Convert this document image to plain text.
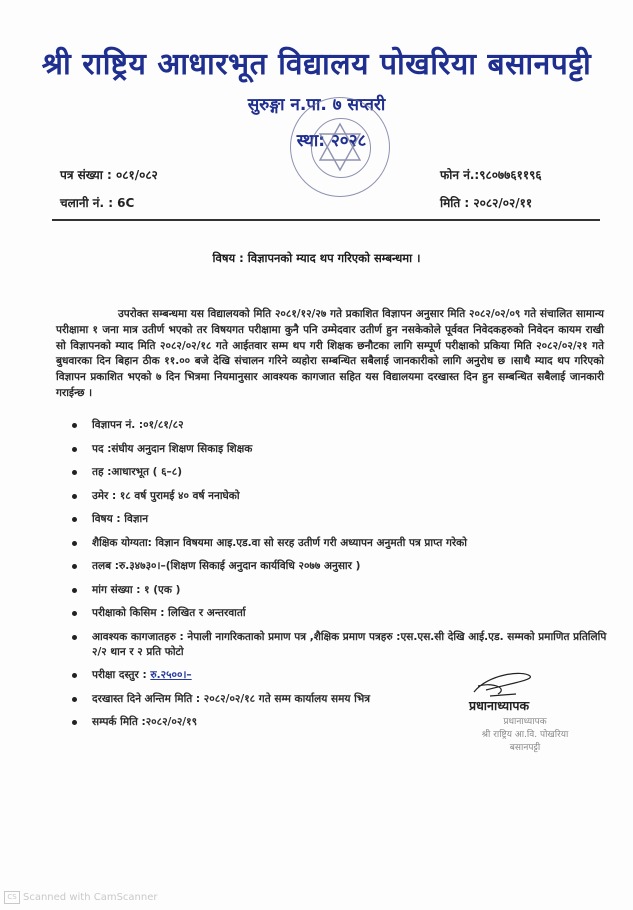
श्री राष्ट्रिय आधारभूत विद्यालय पोखरिया बसानपट्टी
सुरुङ्गा न.पा. ७ सप्तरी
स्था: २०२८
पत्र संख्या : ०८१/०८२
चलानी नं. : 6C
फोन नं.:९८०७७६११९६
मिति : २०८२/०२/११
विषय : विज्ञापनको म्याद थप गरिएको सम्बन्धमा ।
उपरोक्त सम्बन्धमा यस विद्यालयको मिति २०८१/१२/२७ गते प्रकाशित विज्ञापन अनुसार मिति २०८२/०२/०९ गते संचालित सामान्य परीक्षामा १ जना मात्र उतीर्ण भएको तर विषयगत परीक्षामा कुनै पनि उम्मेदवार उतीर्ण हुन नसकेकोले पूर्ववत निवेदकहरुको निवेदन कायम राखी सो विज्ञापनको म्याद मिति २०८२/०२/१८ गते आईतवार सम्म थप गरी शिक्षक छनौटका लागि सम्पूर्ण परीक्षाको प्रकिया मिति २०८२/०२/२१ गते बुधवारका दिन बिहान ठीक ११.०० बजे देखि संचालन गरिने व्यहोरा सम्बन्धित सबैलाई जानकारीको लागि अनुरोध छ ।साथै म्याद थप गरिएको विज्ञापन प्रकाशित भएको ७ दिन भित्रमा नियमानुसार आवश्यक कागजात सहित यस विद्यालयमा दरखास्त दिन हुन सम्बन्धित सबैलाई जानकारी गराईन्छ ।
विज्ञापन नं. :०१/८१/८२
पद :संघीय अनुदान शिक्षण सिकाइ शिक्षक
तह :आधारभूत ( ६–८)
उमेर : १८ वर्ष पुरामई ४० वर्ष ननाघेको
विषय : विज्ञान
शैक्षिक योग्यता: विज्ञान विषयमा आइ.एड.वा सो सरह उतीर्ण गरी अध्यापन अनुमती पत्र प्राप्त गरेको
तलब :रु.३४७३०।–(शिक्षण सिकाई अनुदान कार्यविधि २०७७ अनुसार )
मांग संख्या : १ (एक )
परीक्षाको किसिम : लिखित र अन्तरवार्ता
आवश्यक कागजातहरु : नेपाली नागरिकताको प्रमाण पत्र ,शैक्षिक प्रमाण पत्रहरु :एस.एस.सी देखि आई.एड. सम्मको प्रमाणित प्रतिलिपि २/२ थान र २ प्रति फोटो
परीक्षा दस्तुर : रु.२५००।–
दरखास्त दिने अन्तिम मिति : २०८२/०२/१८ गते सम्म कार्यालय समय भित्र
सम्पर्क मिति :२०८२/०२/१९
प्रधानाध्यापक
प्रधानाध्यापक
श्री राष्ट्रिय आ.वि. पोखरिया
बसानपट्टी
CS Scanned with CamScanner
